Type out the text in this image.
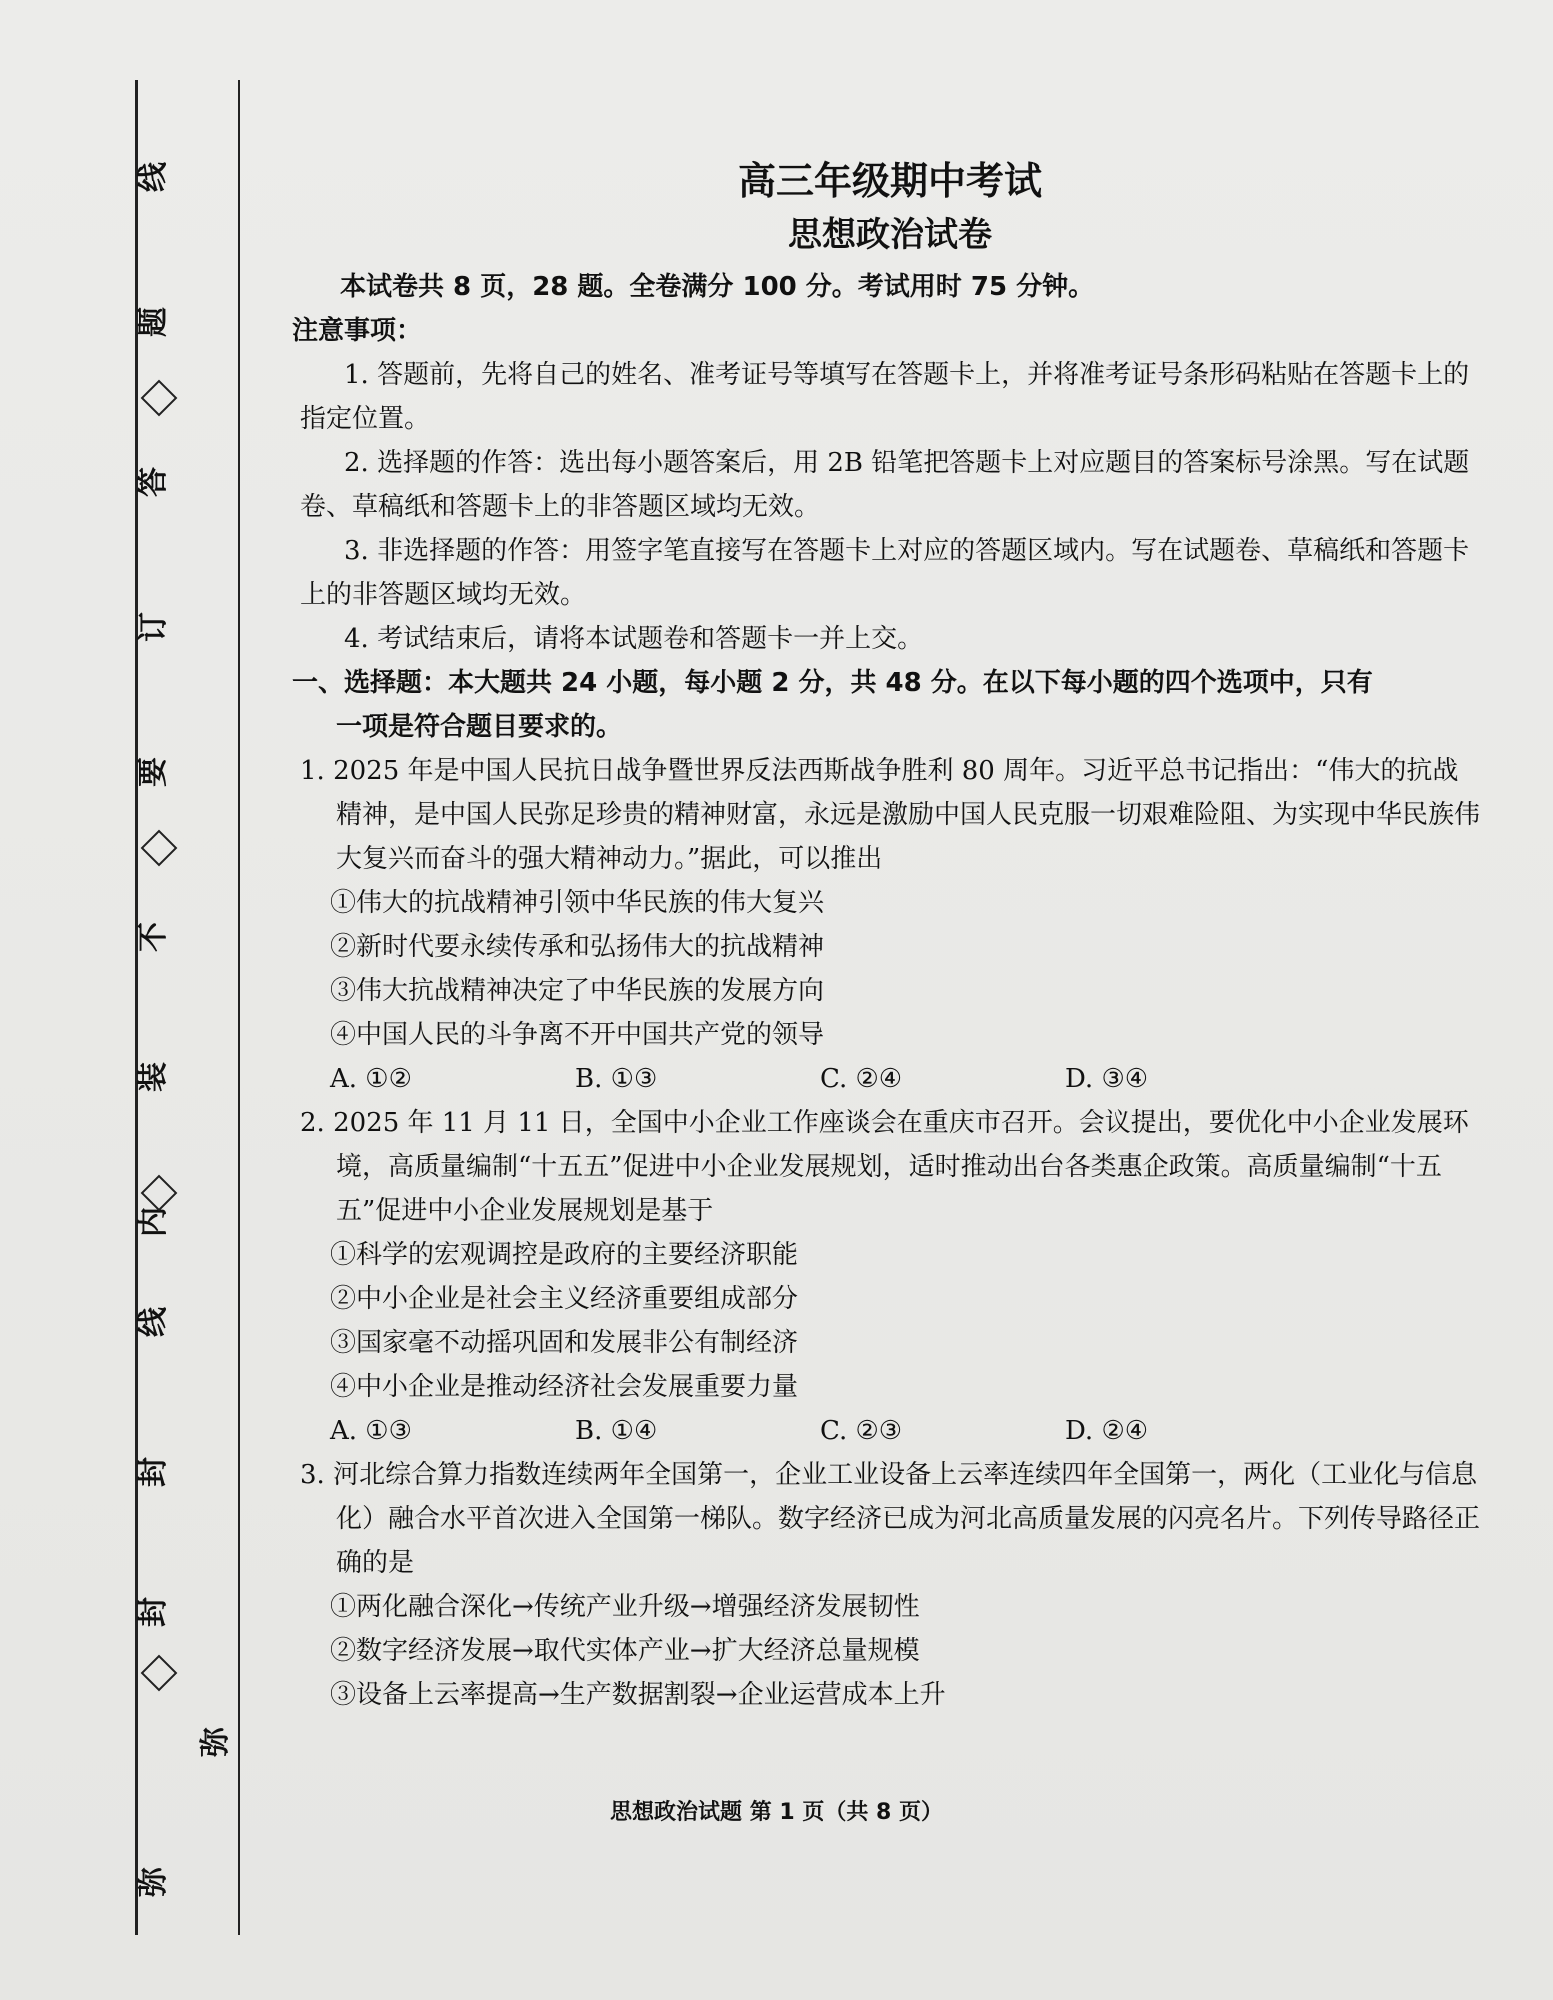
线
题
答
订
要
不
装
内
线
封
封
弥
弥
高三年级期中考试
思想政治试卷
本试卷共 8 页，28 题。全卷满分 100 分。考试用时 75 分钟。
注意事项：

1. 答题前，先将自己的姓名、准考证号等填写在答题卡上，并将准考证号条形码粘贴在答题卡上的指定位置。

2. 选择题的作答：选出每小题答案后，用 2B 铅笔把答题卡上对应题目的答案标号涂黑。写在试题卷、草稿纸和答题卡上的非答题区域均无效。

3. 非选择题的作答：用签字笔直接写在答题卡上对应的答题区域内。写在试题卷、草稿纸和答题卡上的非答题区域均无效。

4. 考试结束后，请将本试题卷和答题卡一并上交。

一、选择题：本大题共 24 小题，每小题 2 分，共 48 分。在以下每小题的四个选项中，只有
一项是符合题目要求的。
1. 2025 年是中国人民抗日战争暨世界反法西斯战争胜利 80 周年。习近平总书记指出：“伟大的抗战精神，是中国人民弥足珍贵的精神财富，永远是激励中国人民克服一切艰难险阻、为实现中华民族伟大复兴而奋斗的强大精神动力。”据此，可以推出

①伟大的抗战精神引领中华民族的伟大复兴

②新时代要永续传承和弘扬伟大的抗战精神

③伟大抗战精神决定了中华民族的发展方向

④中国人民的斗争离不开中国共产党的领导

A. ①②	B. ①③	C. ②④	D. ③④
2. 2025 年 11 月 11 日，全国中小企业工作座谈会在重庆市召开。会议提出，要优化中小企业发展环境，高质量编制“十五五”促进中小企业发展规划，适时推动出台各类惠企政策。高质量编制“十五五”促进中小企业发展规划是基于

①科学的宏观调控是政府的主要经济职能

②中小企业是社会主义经济重要组成部分

③国家毫不动摇巩固和发展非公有制经济

④中小企业是推动经济社会发展重要力量

A. ①③	B. ①④	C. ②③	D. ②④
3. 河北综合算力指数连续两年全国第一，企业工业设备上云率连续四年全国第一，两化（工业化与信息化）融合水平首次进入全国第一梯队。数字经济已成为河北高质量发展的闪亮名片。下列传导路径正确的是

①两化融合深化→传统产业升级→增强经济发展韧性

②数字经济发展→取代实体产业→扩大经济总量规模

③设备上云率提高→生产数据割裂→企业运营成本上升

思想政治试题 第 1 页（共 8 页）
